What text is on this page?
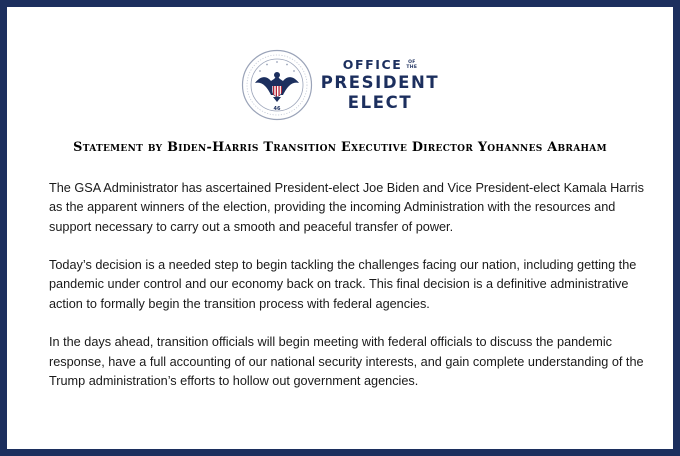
46
OFFICE OF
THE
PRESIDENT
ELECT
Statement by Biden-Harris Transition Executive Director Yohannes Abraham

The GSA Administrator has ascertained President-elect Joe Biden and Vice President-elect Kamala Harris as the apparent winners of the election, providing the incoming Administration with the resources and support necessary to carry out a smooth and peaceful transfer of power.

Today’s decision is a needed step to begin tackling the challenges facing our nation, including getting the pandemic under control and our economy back on track. This final decision is a definitive administrative action to formally begin the transition process with federal agencies.

In the days ahead, transition officials will begin meeting with federal officials to discuss the pandemic response, have a full accounting of our national security interests, and gain complete understanding of the Trump administration’s efforts to hollow out government agencies.
